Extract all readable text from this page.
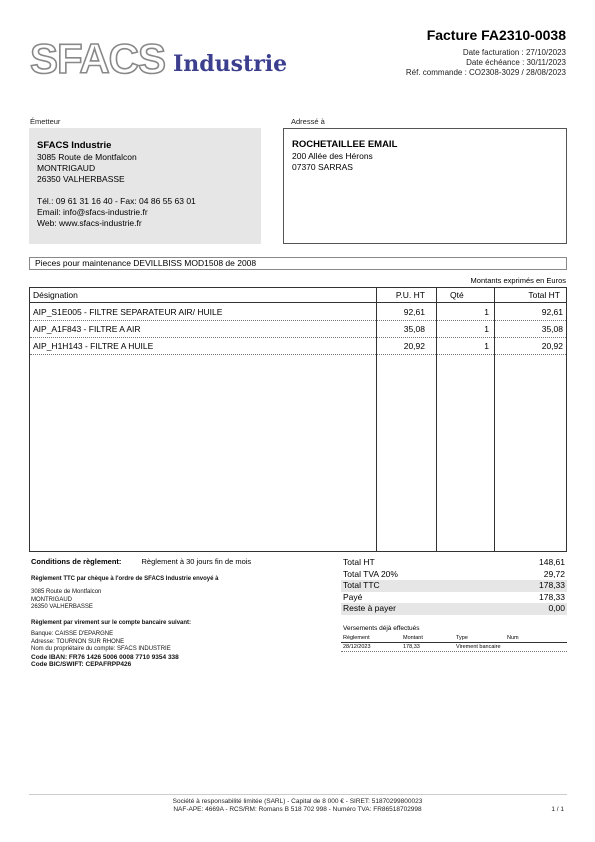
SFACS Industrie
Facture FA2310-0038
Date facturation : 27/10/2023
Date échéance : 30/11/2023
Réf. commande : CO2308-3029 / 28/08/2023
Émetteur
SFACS Industrie
3085 Route de Montfalcon
MONTRIGAUD
26350 VALHERBASSE
Tél.: 09 61 31 16 40 - Fax: 04 86 55 63 01
Email: info@sfacs-industrie.fr
Web: www.sfacs-industrie.fr
Adressé à
ROCHETAILLEE EMAIL
200 Allée des Hérons
07370 SARRAS
Pieces pour maintenance DEVILLBISS MOD1508 de 2008
Montants exprimés en Euros
Désignation	P.U. HT	Qté	Total HT
AIP_S1E005 - FILTRE SEPARATEUR AIR/ HUILE	92,61	1	92,61
AIP_A1F843 - FILTRE A AIR	35,08	1	35,08
AIP_H1H143 - FILTRE A HUILE	20,92	1	20,92
Conditions de règlement:	Règlement à 30 jours fin de mois
Règlement TTC par chèque à l'ordre de SFACS Industrie envoyé à
3085 Route de Montfalcon
MONTRIGAUD
26350 VALHERBASSE
Règlement par virement sur le compte bancaire suivant:
Banque: CAISSE D'EPARGNE
Adresse: TOURNON SUR RHONE
Nom du propriétaire du compte: SFACS INDUSTRIE
Code IBAN: FR76 1426 5006 0008 7710 9354 338
Code BIC/SWIFT: CEPAFRPP426
Total HT	148,61
Total TVA 20%	29,72
Total TTC	178,33
Payé	178,33
Reste à payer	0,00
Versements déjà effectués
Règlement	Montant	Type	Num
28/12/2023	178,33	Virement bancaire
Société à responsabilité limitée (SARL) - Capital de 8 000 € - SIRET: 51870299800023
NAF-APE: 4669A - RCS/RM: Romans B 518 702 998 - Numéro TVA: FR86518702998	1 / 1
